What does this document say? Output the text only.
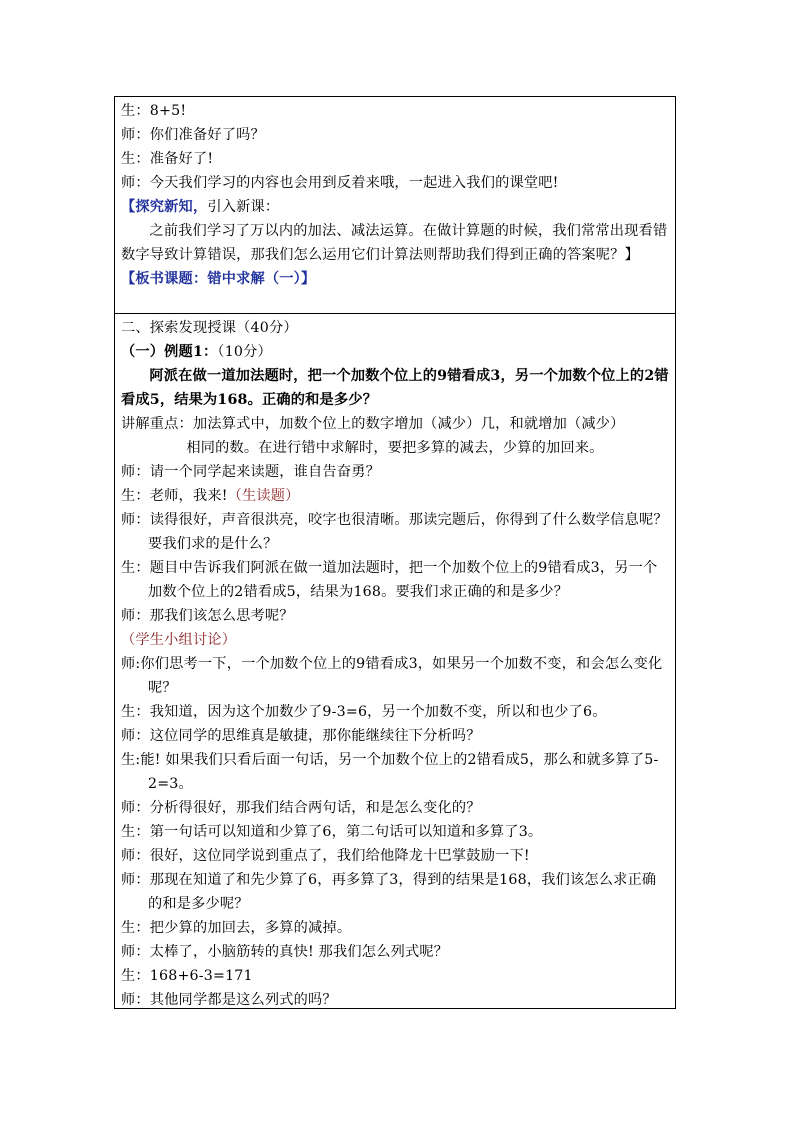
生：8+5!
师：你们准备好了吗？
生：准备好了!
师：今天我们学习的内容也会用到反着来哦，一起进入我们的课堂吧!
【探究新知，引入新课：
之前我们学习了万以内的加法、减法运算。在做计算题的时候，我们常常出现看错数字导致计算错误，那我们怎么运用它们计算法则帮助我们得到正确的答案呢？】
【板书课题：错中求解（一）】
二、探索发现授课（40分）
（一）例题1：（10分）
阿派在做一道加法题时，把一个加数个位上的9错看成3，另一个加数个位上的2错看成5，结果为168。正确的和是多少？
讲解重点：加法算式中，加数个位上的数字增加（减少）几，和就增加（减少）
相同的数。在进行错中求解时，要把多算的减去，少算的加回来。
师：请一个同学起来读题，谁自告奋勇？
生：老师，我来!（生读题）
师：读得很好，声音很洪亮，咬字也很清晰。那读完题后，你得到了什么数学信息呢？要我们求的是什么？
生：题目中告诉我们阿派在做一道加法题时，把一个加数个位上的9错看成3，另一个加数个位上的2错看成5，结果为168。要我们求正确的和是多少？
师：那我们该怎么思考呢？
（学生小组讨论）
师:你们思考一下，一个加数个位上的9错看成3，如果另一个加数不变，和会怎么变化呢？
生：我知道，因为这个加数少了9-3=6，另一个加数不变，所以和也少了6。
师：这位同学的思维真是敏捷，那你能继续往下分析吗？
生:能! 如果我们只看后面一句话，另一个加数个位上的2错看成5，那么和就多算了5-2=3。
师：分析得很好，那我们结合两句话，和是怎么变化的？
生：第一句话可以知道和少算了6，第二句话可以知道和多算了3。
师：很好，这位同学说到重点了，我们给他降龙十巴掌鼓励一下!
师：那现在知道了和先少算了6，再多算了3，得到的结果是168，我们该怎么求正确的和是多少呢？
生：把少算的加回去，多算的减掉。
师：太棒了，小脑筋转的真快! 那我们怎么列式呢？
生：168+6-3=171
师：其他同学都是这么列式的吗？
